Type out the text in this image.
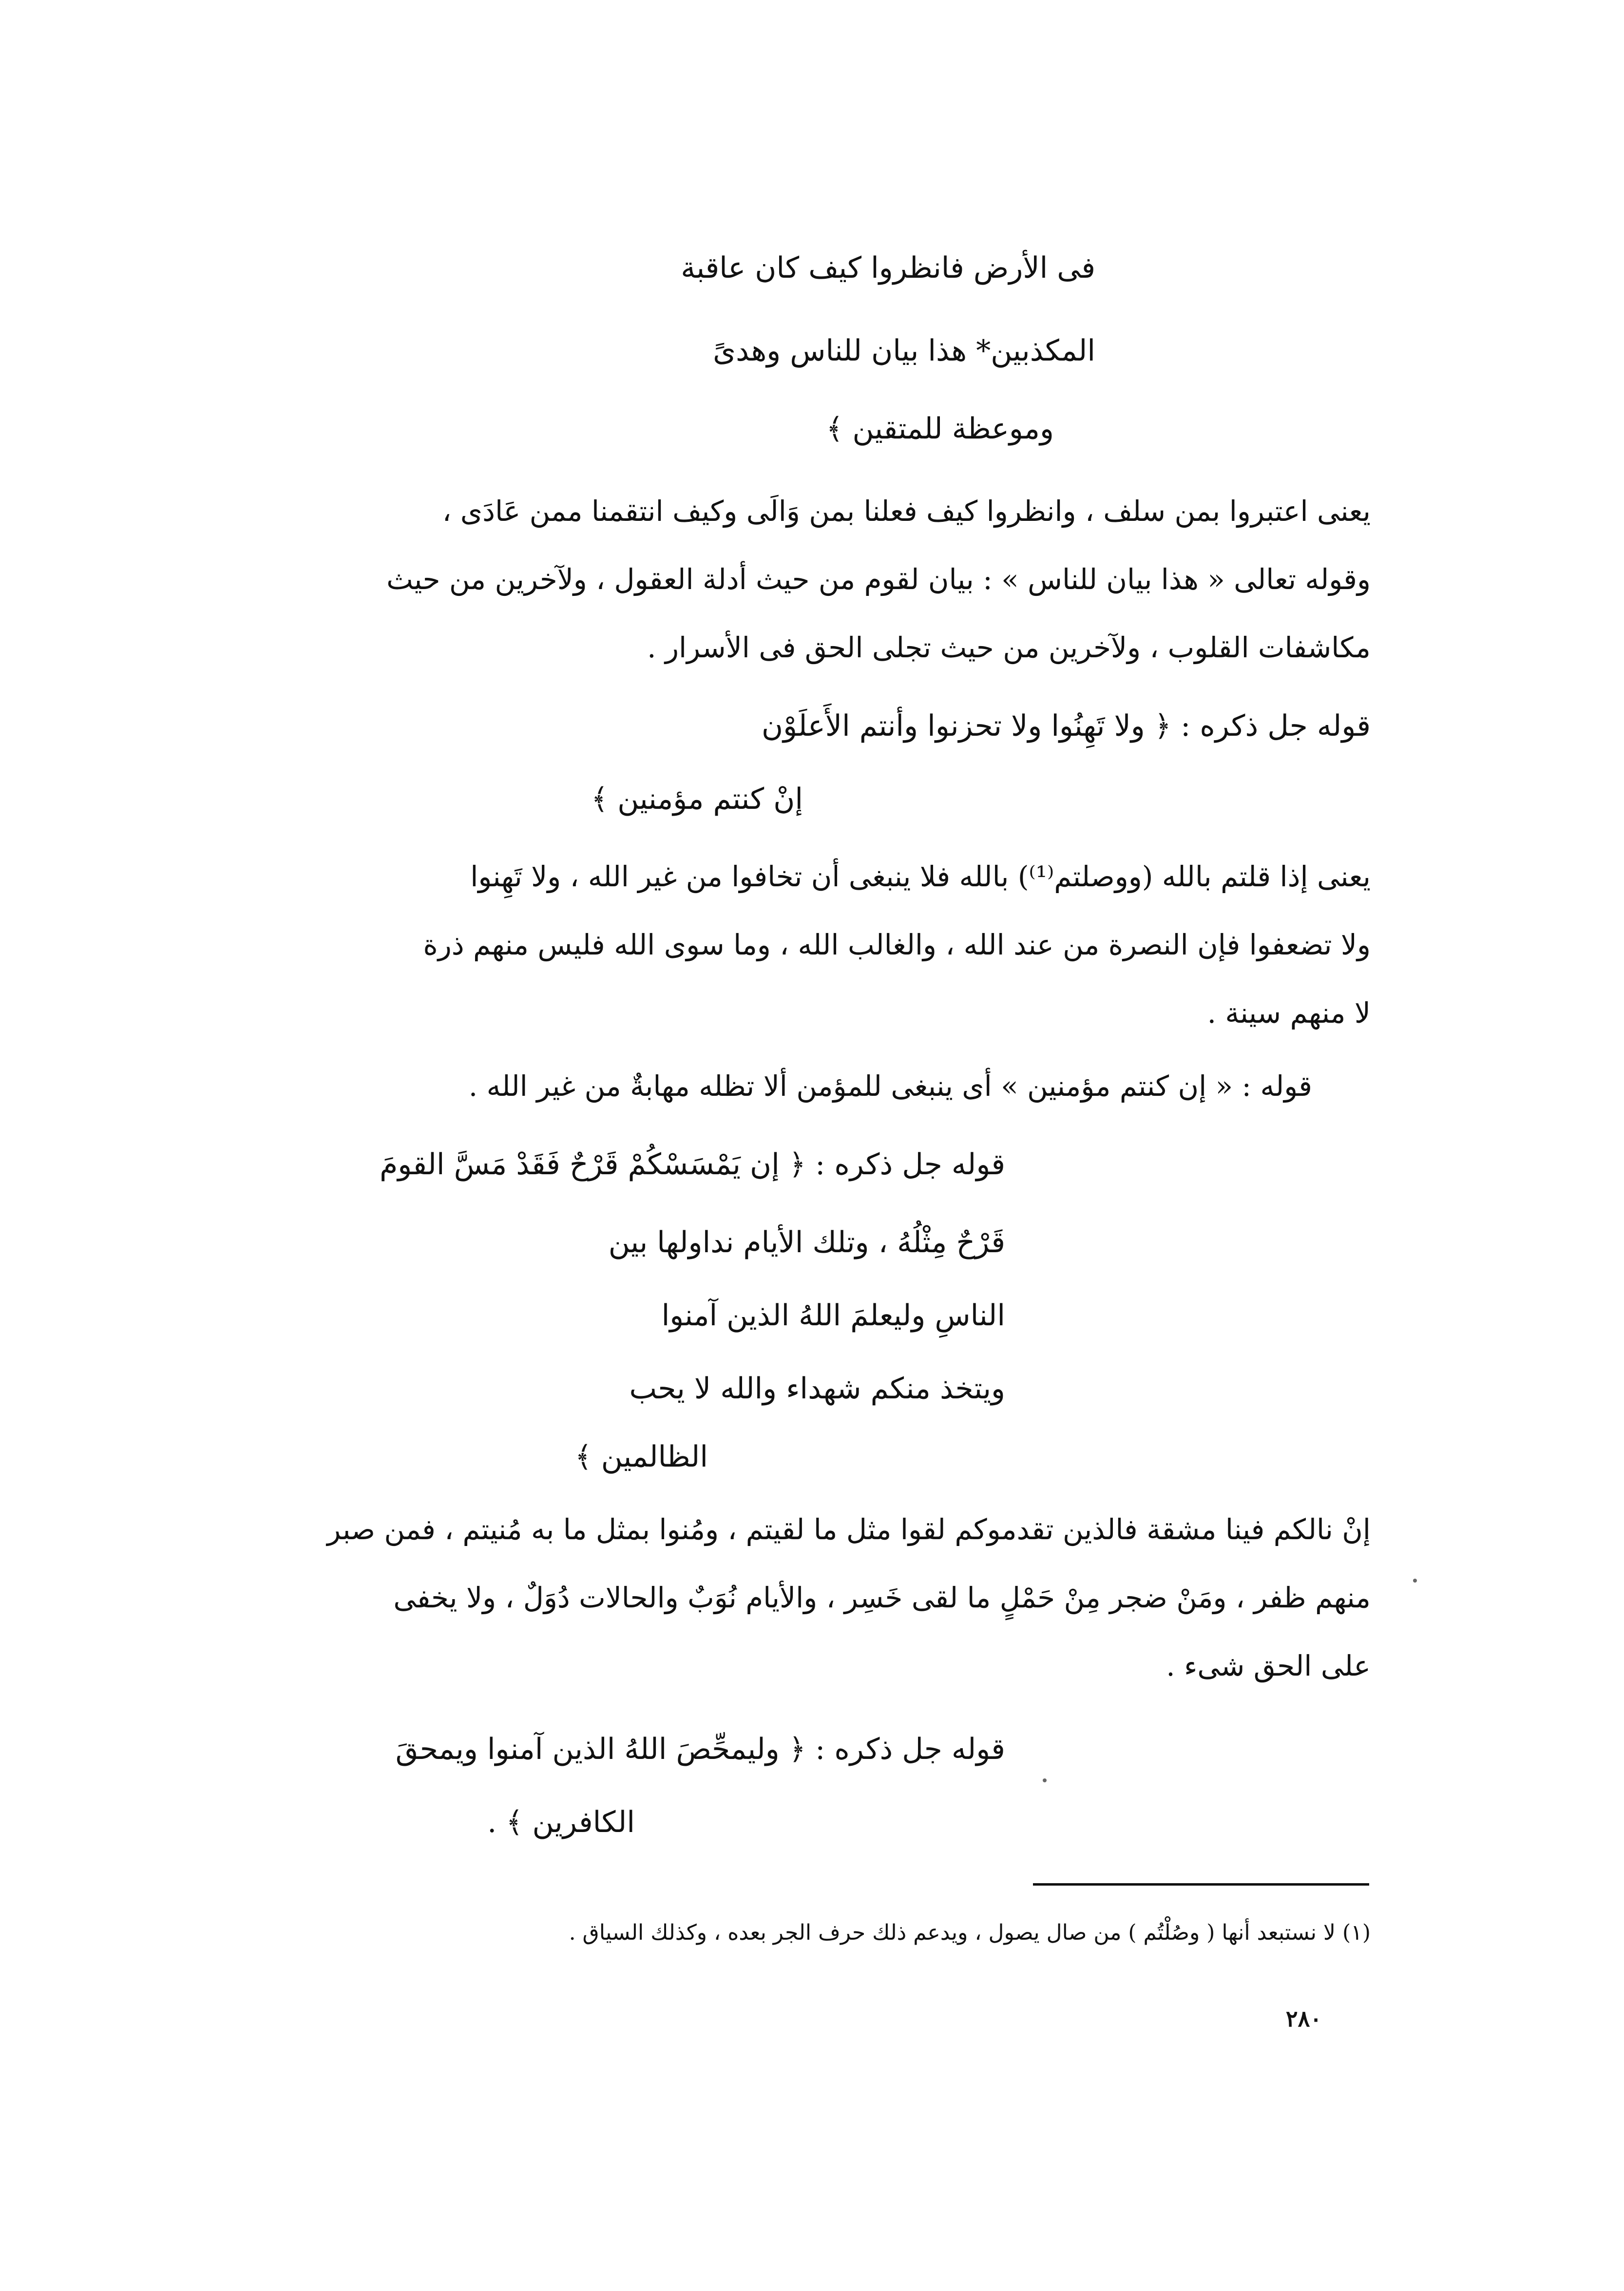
فى الأرض فانظروا كيف كان عاقبة
المكذبين* هذا بيان للناس وهدىً
وموعظة للمتقين ﴾
يعنى اعتبروا بمن سلف ، وانظروا كيف فعلنا بمن وَالَى وكيف انتقمنا ممن عَادَى ،
وقوله تعالى « هذا بيان للناس » : بيان لقوم من حيث أدلة العقول ، ولآخرين من حيث
مكاشفات القلوب ، ولآخرين من حيث تجلى الحق فى الأسرار .
قوله جل ذكره : ﴿ ولا تَهِنُوا ولا تحزنوا وأنتم الأَعلَوْن
إنْ كنتم مؤمنين ﴾
يعنى إذا قلتم بالله (ووصلتم⁽¹⁾) بالله فلا ينبغى أن تخافوا من غير الله ، ولا تَهِنوا
ولا تضعفوا فإن النصرة من عند الله ، والغالب الله ، وما سوى الله فليس منهم ذرة
لا منهم سينة .
قوله : « إن كنتم مؤمنين » أى ينبغى للمؤمن ألا تظله مهابةٌ من غير الله .
قوله جل ذكره : ﴿ إن يَمْسَسْكُمْ قَرْحٌ فَقَدْ مَسَّ القومَ
قَرْحٌ مِثْلُهُ ، وتلك الأيام نداولها بين
الناسِ وليعلمَ اللهُ الذين آمنوا
ويتخذ منكم شهداء والله لا يحب
الظالمين ﴾
إنْ نالكم فينا مشقة فالذين تقدموكم لقوا مثل ما لقيتم ، ومُنوا بمثل ما به مُنيتم ، فمن صبر
منهم ظفر ، ومَنْ ضجر مِنْ حَمْلٍ ما لقى خَسِر ، والأيام نُوَبٌ والحالات دُوَلٌ ، ولا يخفى
على الحق شىء .
قوله جل ذكره : ﴿ وليمحِّصَ اللهُ الذين آمنوا ويمحقَ
الكافرين ﴾ .
(١) لا نستبعد أنها ( وصُلْتُم ) من صال يصول ، ويدعم ذلك حرف الجر بعده ، وكذلك السياق .
٢٨٠
